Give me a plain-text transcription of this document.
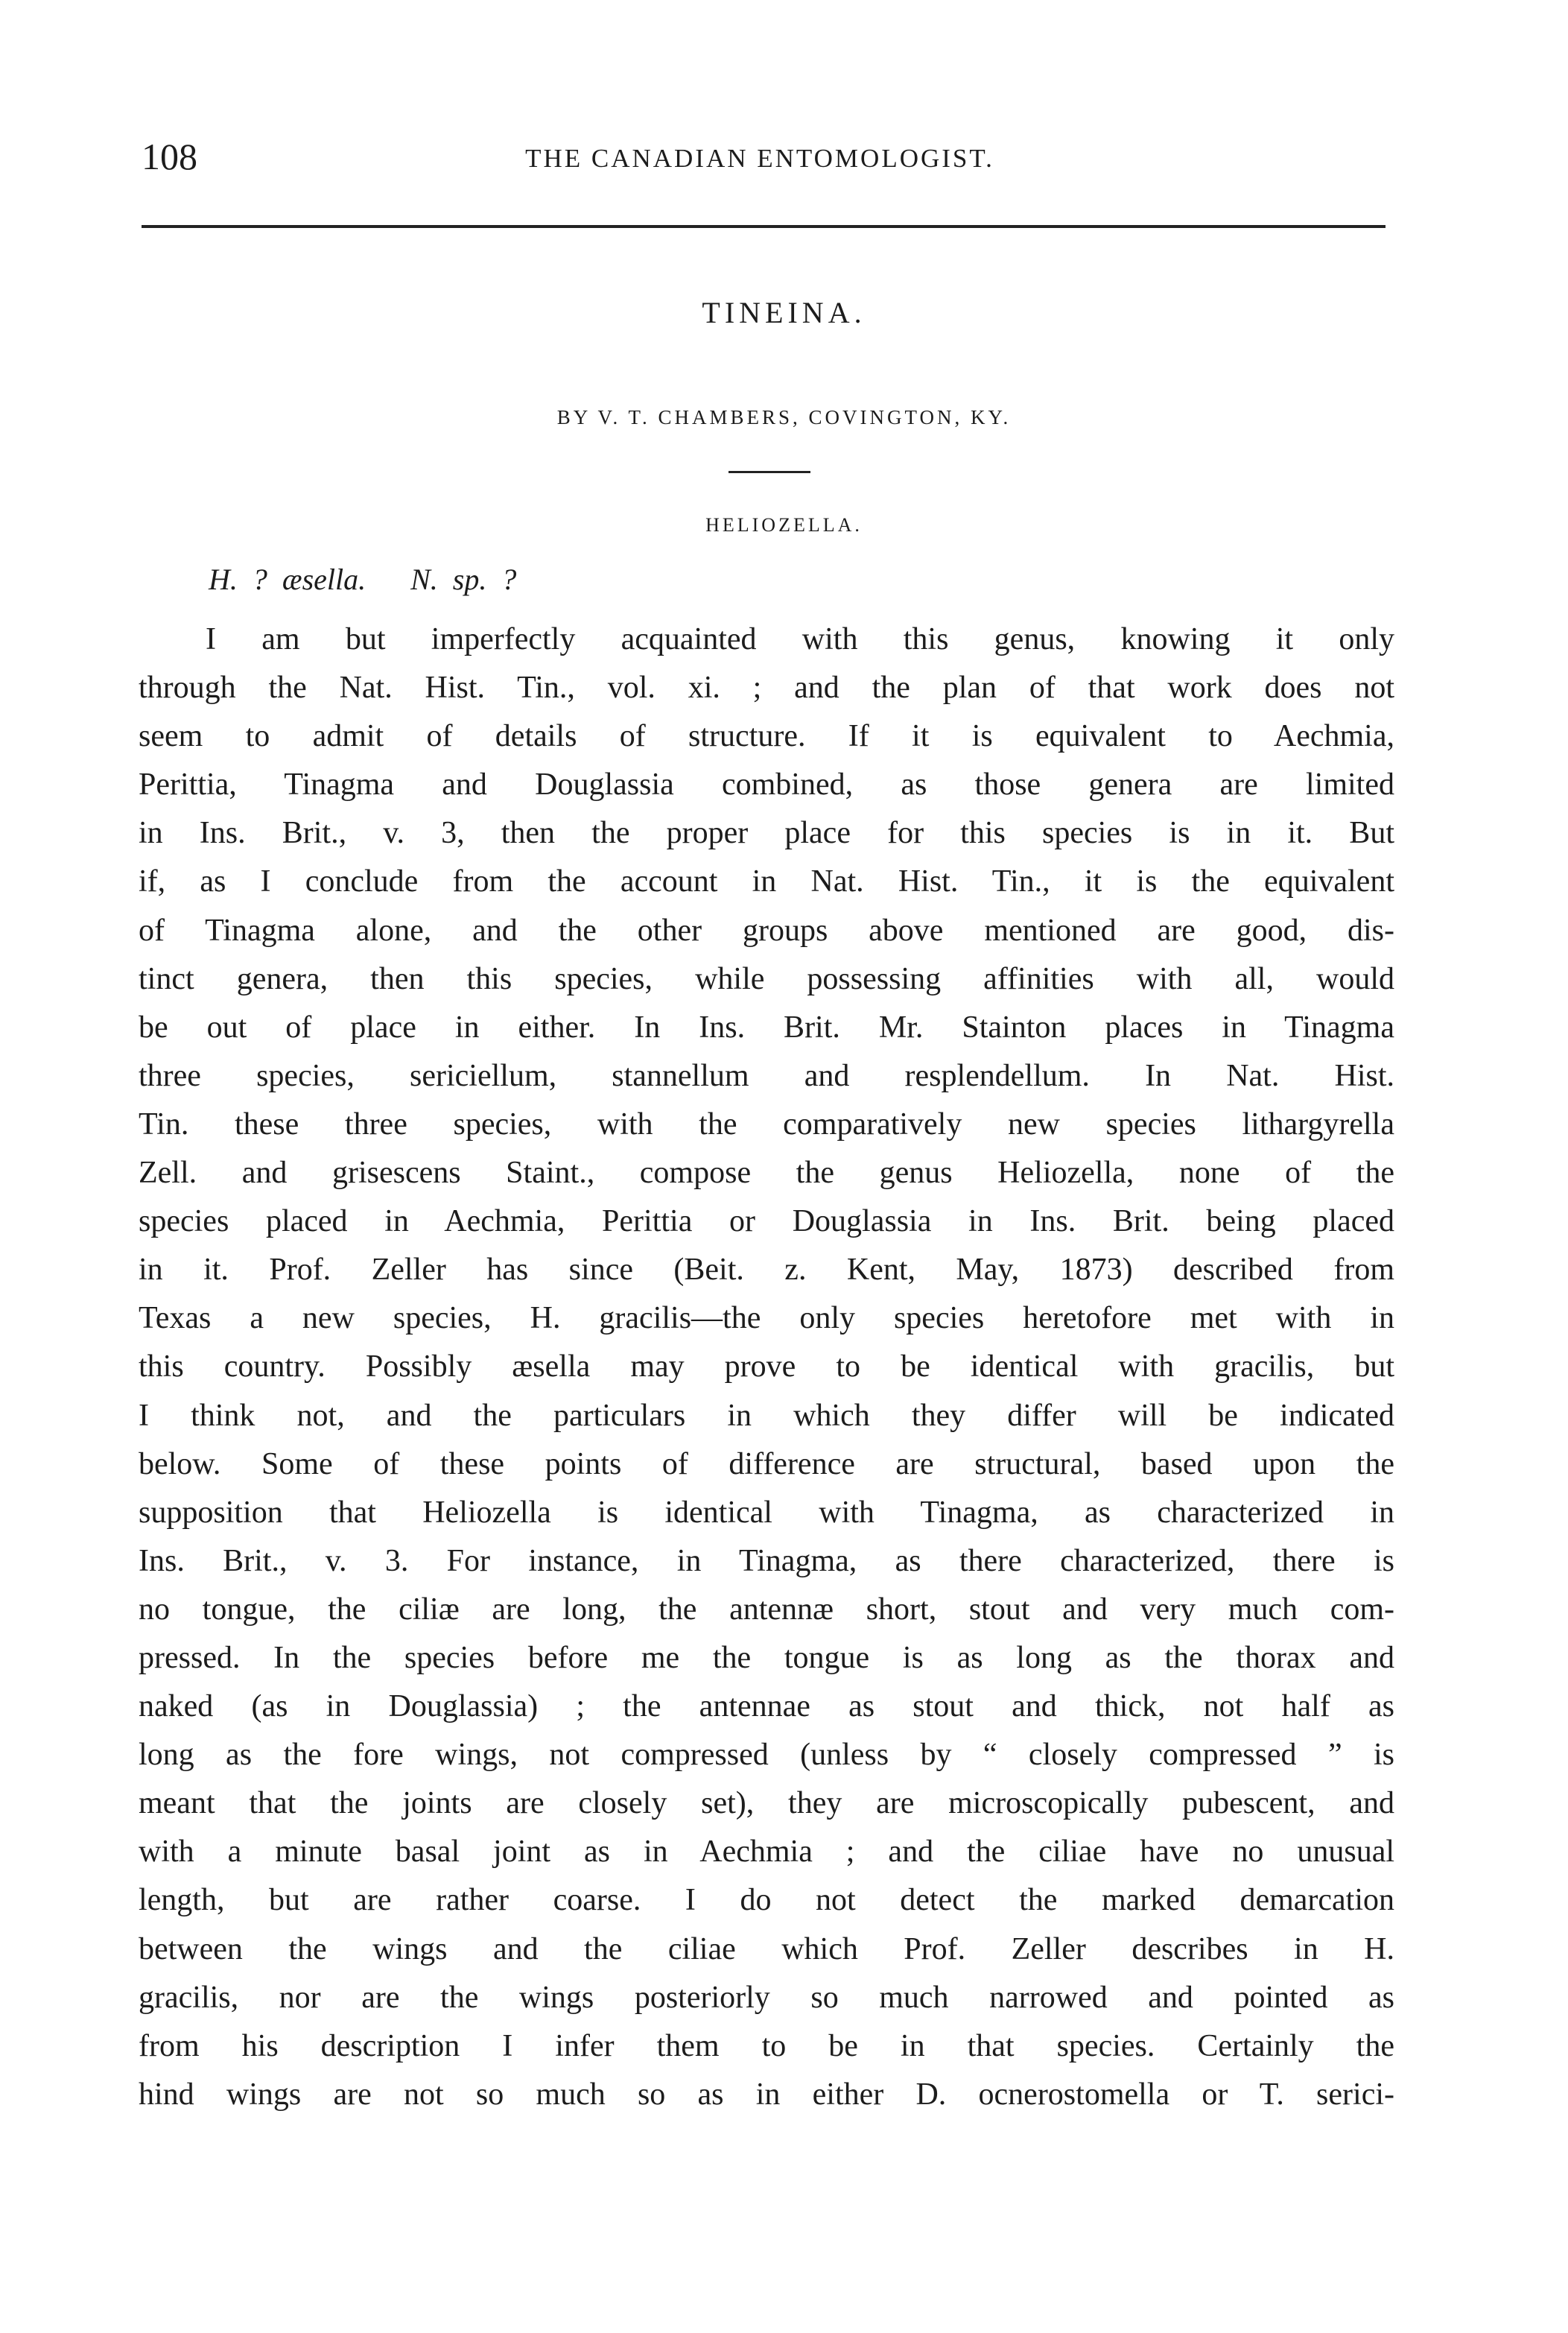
108	THE CANADIAN ENTOMOLOGIST.
TINEINA.
BY V. T. CHAMBERS, COVINGTON, KY.
HELIOZELLA.
H. ? æsella. N. sp. ?
I am but imperfectly acquainted with this genus, knowing it only
through the Nat. Hist. Tin., vol. xi. ; and the plan of that work does not
seem to admit of details of structure. If it is equivalent to Aechmia,
Perittia, Tinagma and Douglassia combined, as those genera are limited
in Ins. Brit., v. 3, then the proper place for this species is in it. But
if, as I conclude from the account in Nat. Hist. Tin., it is the equivalent
of Tinagma alone, and the other groups above mentioned are good, dis-
tinct genera, then this species, while possessing affinities with all, would
be out of place in either. In Ins. Brit. Mr. Stainton places in Tinagma
three species, sericiellum, stannellum and resplendellum. In Nat. Hist.
Tin. these three species, with the comparatively new species lithargyrella
Zell. and grisescens Staint., compose the genus Heliozella, none of the
species placed in Aechmia, Perittia or Douglassia in Ins. Brit. being placed
in it. Prof. Zeller has since (Beit. z. Kent, May, 1873) described from
Texas a new species, H. gracilis—the only species heretofore met with in
this country. Possibly æsella may prove to be identical with gracilis, but
I think not, and the particulars in which they differ will be indicated
below. Some of these points of difference are structural, based upon the
supposition that Heliozella is identical with Tinagma, as characterized in
Ins. Brit., v. 3. For instance, in Tinagma, as there characterized, there is
no tongue, the ciliæ are long, the antennæ short, stout and very much com-
pressed. In the species before me the tongue is as long as the thorax and
naked (as in Douglassia) ; the antennae as stout and thick, not half as
long as the fore wings, not compressed (unless by “ closely compressed ” is
meant that the joints are closely set), they are microscopically pubescent, and
with a minute basal joint as in Aechmia ; and the ciliae have no unusual
length, but are rather coarse. I do not detect the marked demarcation
between the wings and the ciliae which Prof. Zeller describes in H.
gracilis, nor are the wings posteriorly so much narrowed and pointed as
from his description I infer them to be in that species. Certainly the
hind wings are not so much so as in either D. ocnerostomella or T. serici-
